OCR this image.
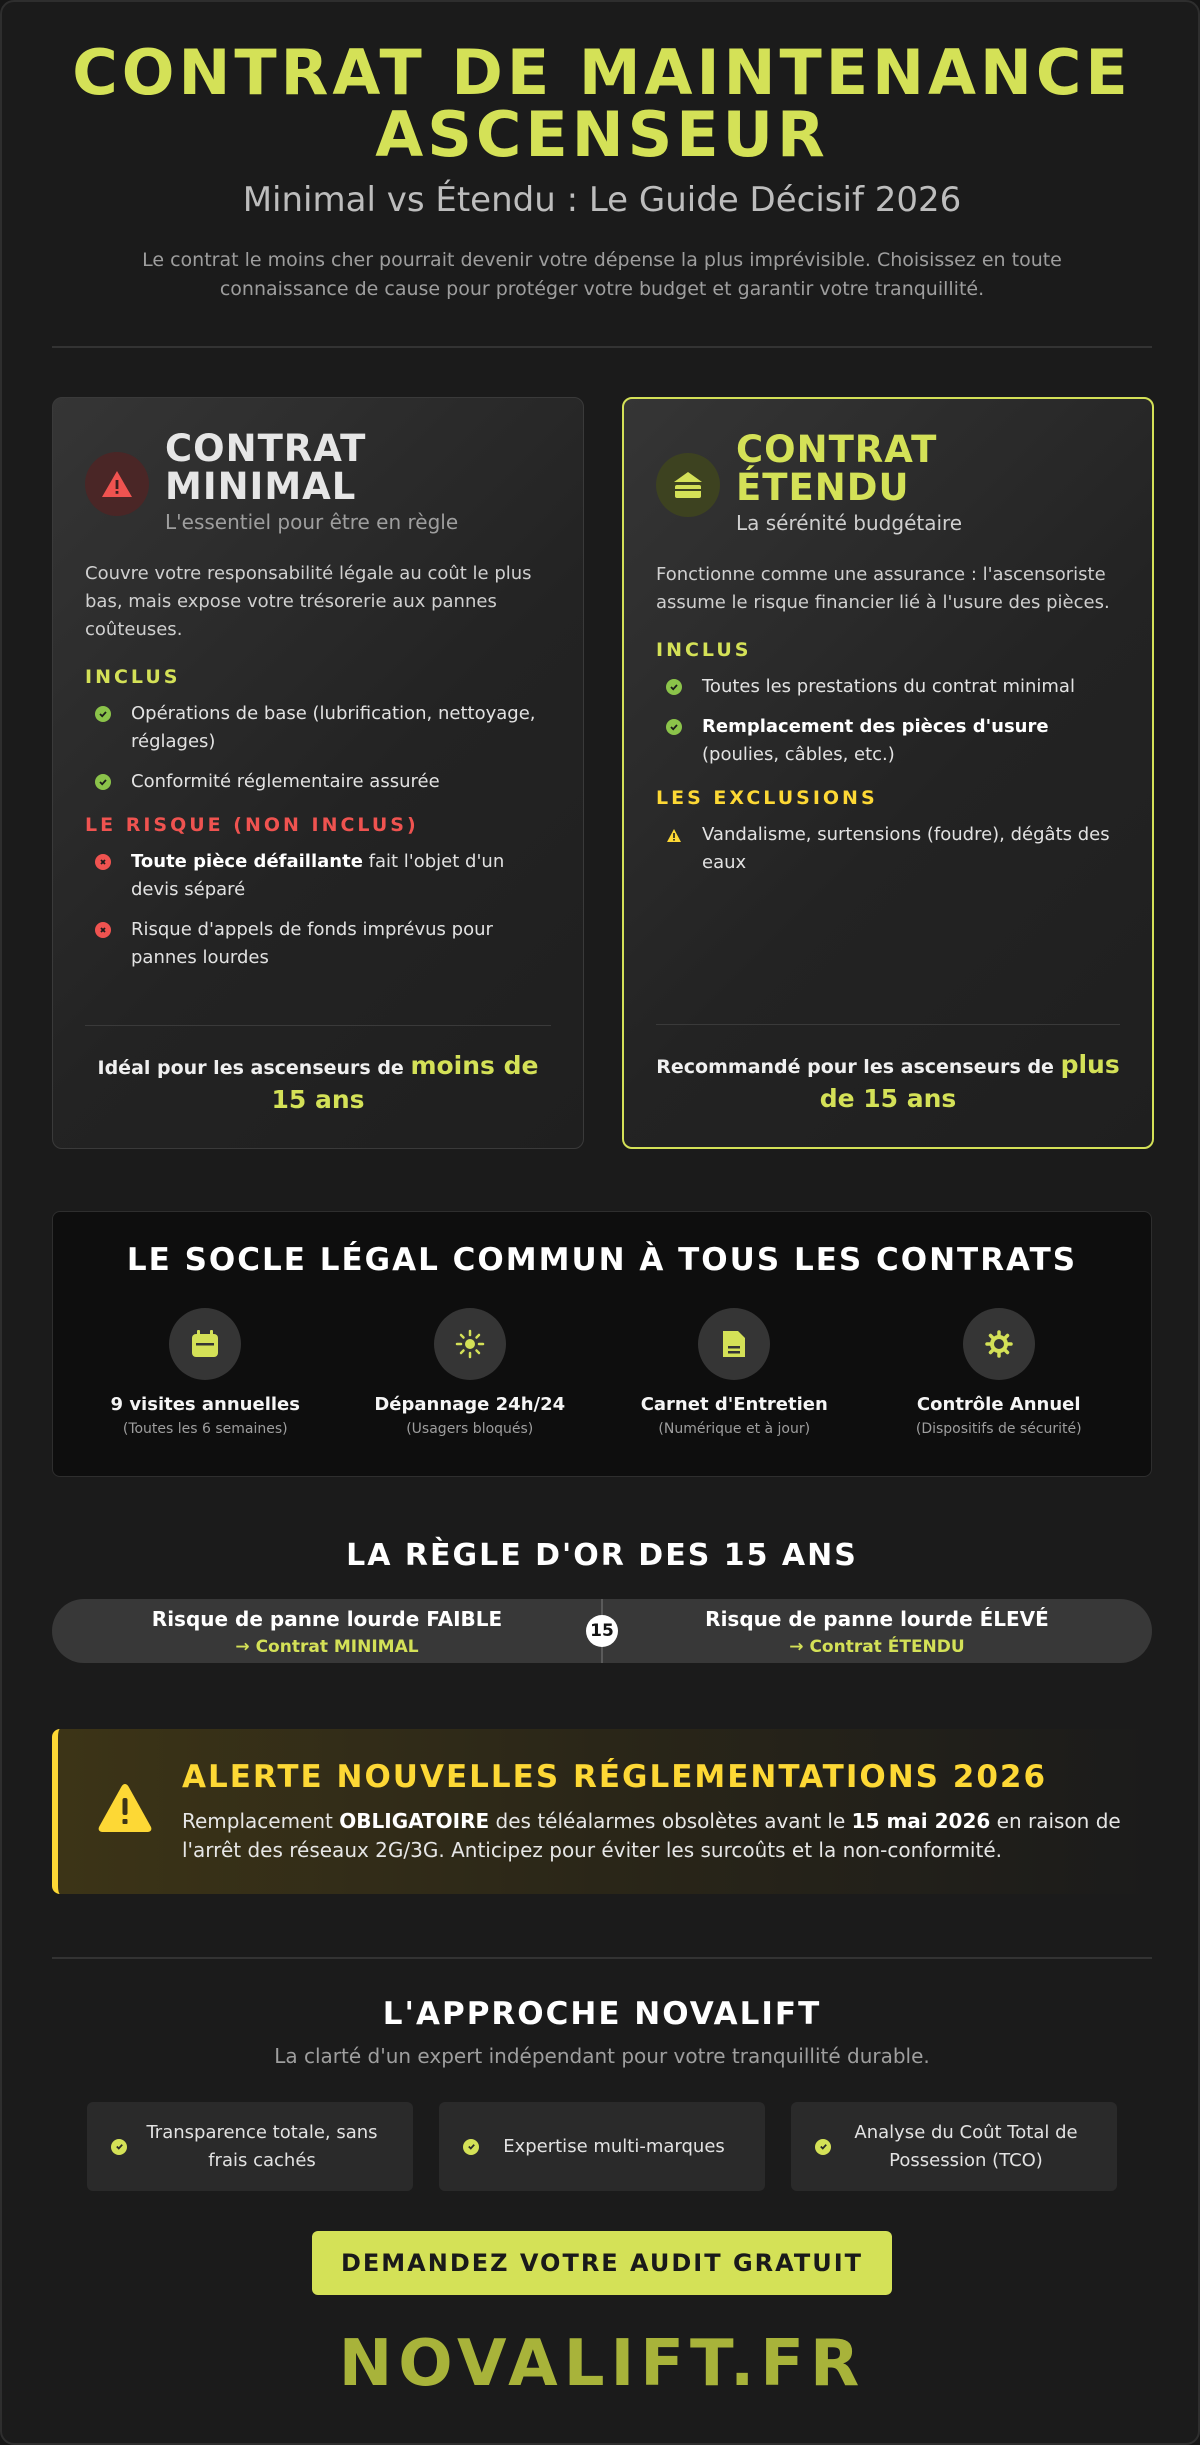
CONTRAT DE MAINTENANCE
ASCENSEUR
Minimal vs Étendu : Le Guide Décisif 2026
Le contrat le moins cher pourrait devenir votre dépense la plus imprévisible. Choisissez en toute connaissance de cause pour protéger votre budget et garantir votre tranquillité.
CONTRAT
MINIMAL
L'essentiel pour être en règle
Couvre votre responsabilité légale au coût le plus bas, mais expose votre trésorerie aux pannes coûteuses.
INCLUS
Opérations de base (lubrification, nettoyage, réglages)
Conformité réglementaire assurée
LE RISQUE (NON INCLUS)
Toute pièce défaillante fait l'objet d'un devis séparé
Risque d'appels de fonds imprévus pour pannes lourdes
Idéal pour les ascenseurs de moins de 15 ans
CONTRAT
ÉTENDU
La sérénité budgétaire
Fonctionne comme une assurance : l'ascensoriste assume le risque financier lié à l'usure des pièces.
INCLUS
Toutes les prestations du contrat minimal
Remplacement des pièces d'usure
(poulies, câbles, etc.)
LES EXCLUSIONS
Vandalisme, surtensions (foudre), dégâts des eaux
Recommandé pour les ascenseurs de plus de 15 ans
LE SOCLE LÉGAL COMMUN À TOUS LES CONTRATS
9 visites annuelles
(Toutes les 6 semaines)
Dépannage 24h/24
(Usagers bloqués)
Carnet d'Entretien
(Numérique et à jour)
Contrôle Annuel
(Dispositifs de sécurité)
LA RÈGLE D'OR DES 15 ANS
Risque de panne lourde FAIBLE
→ Contrat MINIMAL
Risque de panne lourde ÉLEVÉ
→ Contrat ÉTENDU
15
ALERTE NOUVELLES RÉGLEMENTATIONS 2026

Remplacement OBLIGATOIRE des téléalarmes obsolètes avant le 15 mai 2026 en raison de l'arrêt des réseaux 2G/3G. Anticipez pour éviter les surcoûts et la non-conformité.

L'APPROCHE NOVALIFT
La clarté d'un expert indépendant pour votre tranquillité durable.
Transparence totale, sans frais cachés
Expertise multi-marques
Analyse du Coût Total de Possession (TCO)
DEMANDEZ VOTRE AUDIT GRATUIT
NOVALIFT.FR
